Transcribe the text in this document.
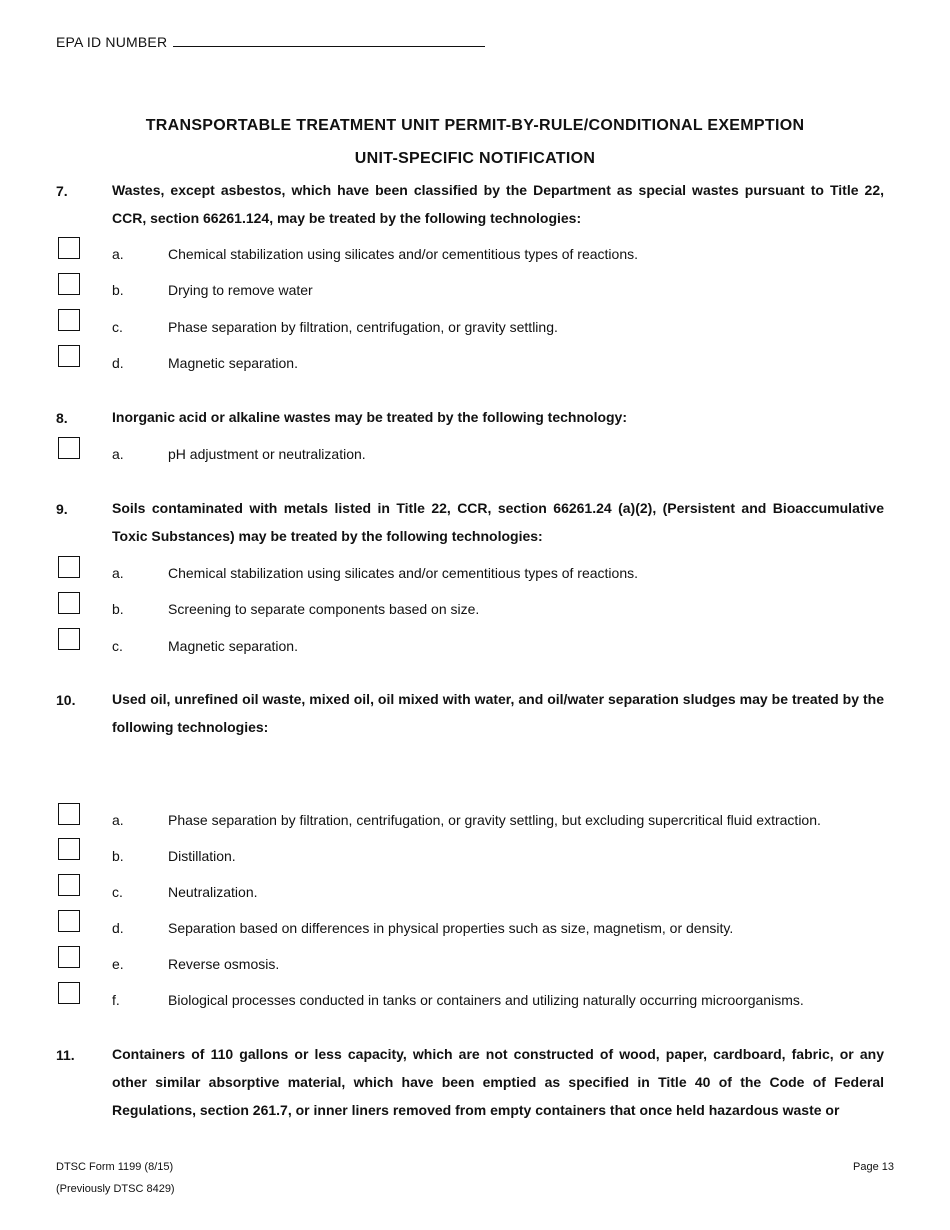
EPA ID NUMBER
TRANSPORTABLE TREATMENT UNIT PERMIT-BY-RULE/CONDITIONAL EXEMPTION
UNIT-SPECIFIC NOTIFICATION
7.	Wastes, except asbestos, which have been classified by the Department as special wastes pursuant to Title 22, CCR, section 66261.124, may be treated by the following technologies:
a.	Chemical stabilization using silicates and/or cementitious types of reactions.
b.	Drying to remove water
c.	Phase separation by filtration, centrifugation, or gravity settling.
d.	Magnetic separation.
8.	Inorganic acid or alkaline wastes may be treated by the following technology:
a.	pH adjustment or neutralization.
9.	Soils contaminated with metals listed in Title 22, CCR, section 66261.24 (a)(2), (Persistent and Bioaccumulative Toxic Substances) may be treated by the following technologies:
a.	Chemical stabilization using silicates and/or cementitious types of reactions.
b.	Screening to separate components based on size.
c.	Magnetic separation.
10.	Used oil, unrefined oil waste, mixed oil, oil mixed with water, and oil/water separation sludges may be treated by the following technologies:
a.	Phase separation by filtration, centrifugation, or gravity settling, but excluding supercritical fluid extraction.
b.	Distillation.
c.	Neutralization.
d.	Separation based on differences in physical properties such as size, magnetism, or density.
e.	Reverse osmosis.
f.	Biological processes conducted in tanks or containers and utilizing naturally occurring microorganisms.
11.	Containers of 110 gallons or less capacity, which are not constructed of wood, paper, cardboard, fabric, or any other similar absorptive material, which have been emptied as specified in Title 40 of the Code of Federal Regulations, section 261.7, or inner liners removed from empty containers that once held hazardous waste or
DTSC Form 1199 (8/15)
(Previously DTSC 8429)
Page 13
